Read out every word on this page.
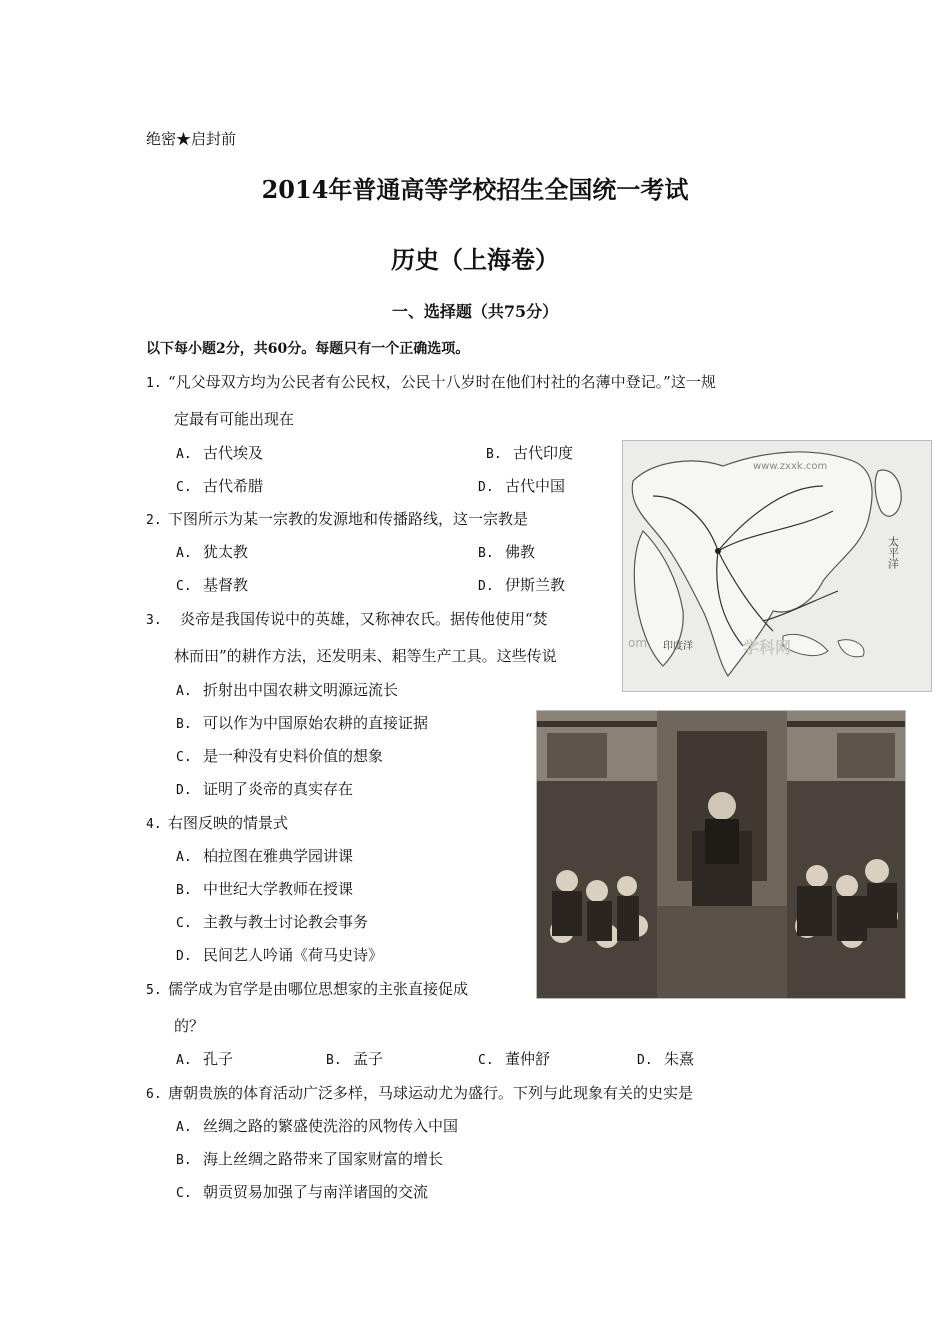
绝密★启封前
2014年普通高等学校招生全国统一考试
历史（上海卷）
一、选择题（共75分）
以下每小题2分，共60分。每题只有一个正确选项。
1. “凡父母双方均为公民者有公民权，公民十八岁时在他们村社的名薄中登记。”这一规
定最有可能出现在
A. 古代埃及	B. 古代印度
C. 古代希腊	D. 古代中国
2. 下图所示为某一宗教的发源地和传播路线，这一宗教是
A. 犹太教	B. 佛教
C. 基督教	D. 伊斯兰教
3. 炎帝是我国传说中的英雄，又称神农氏。据传他使用“焚
林而田”的耕作方法，还发明耒、耜等生产工具。这些传说
A. 折射出中国农耕文明源远流长
B. 可以作为中国原始农耕的直接证据
C. 是一种没有史料价值的想象
D. 证明了炎帝的真实存在
4. 右图反映的情景式
A. 柏拉图在雅典学园讲课
B. 中世纪大学教师在授课
C. 主教与教士讨论教会事务
D. 民间艺人吟诵《荷马史诗》
5. 儒学成为官学是由哪位思想家的主张直接促成
的？
A. 孔子	B. 孟子	C. 董仲舒	D. 朱熹
6. 唐朝贵族的体育活动广泛多样，马球运动尤为盛行。下列与此现象有关的史实是
A. 丝绸之路的繁盛使洗浴的风物传入中国
B. 海上丝绸之路带来了国家财富的增长
C. 朝贡贸易加强了与南洋诸国的交流
www.zxxk.com
太平洋
印度洋
om	学科网
